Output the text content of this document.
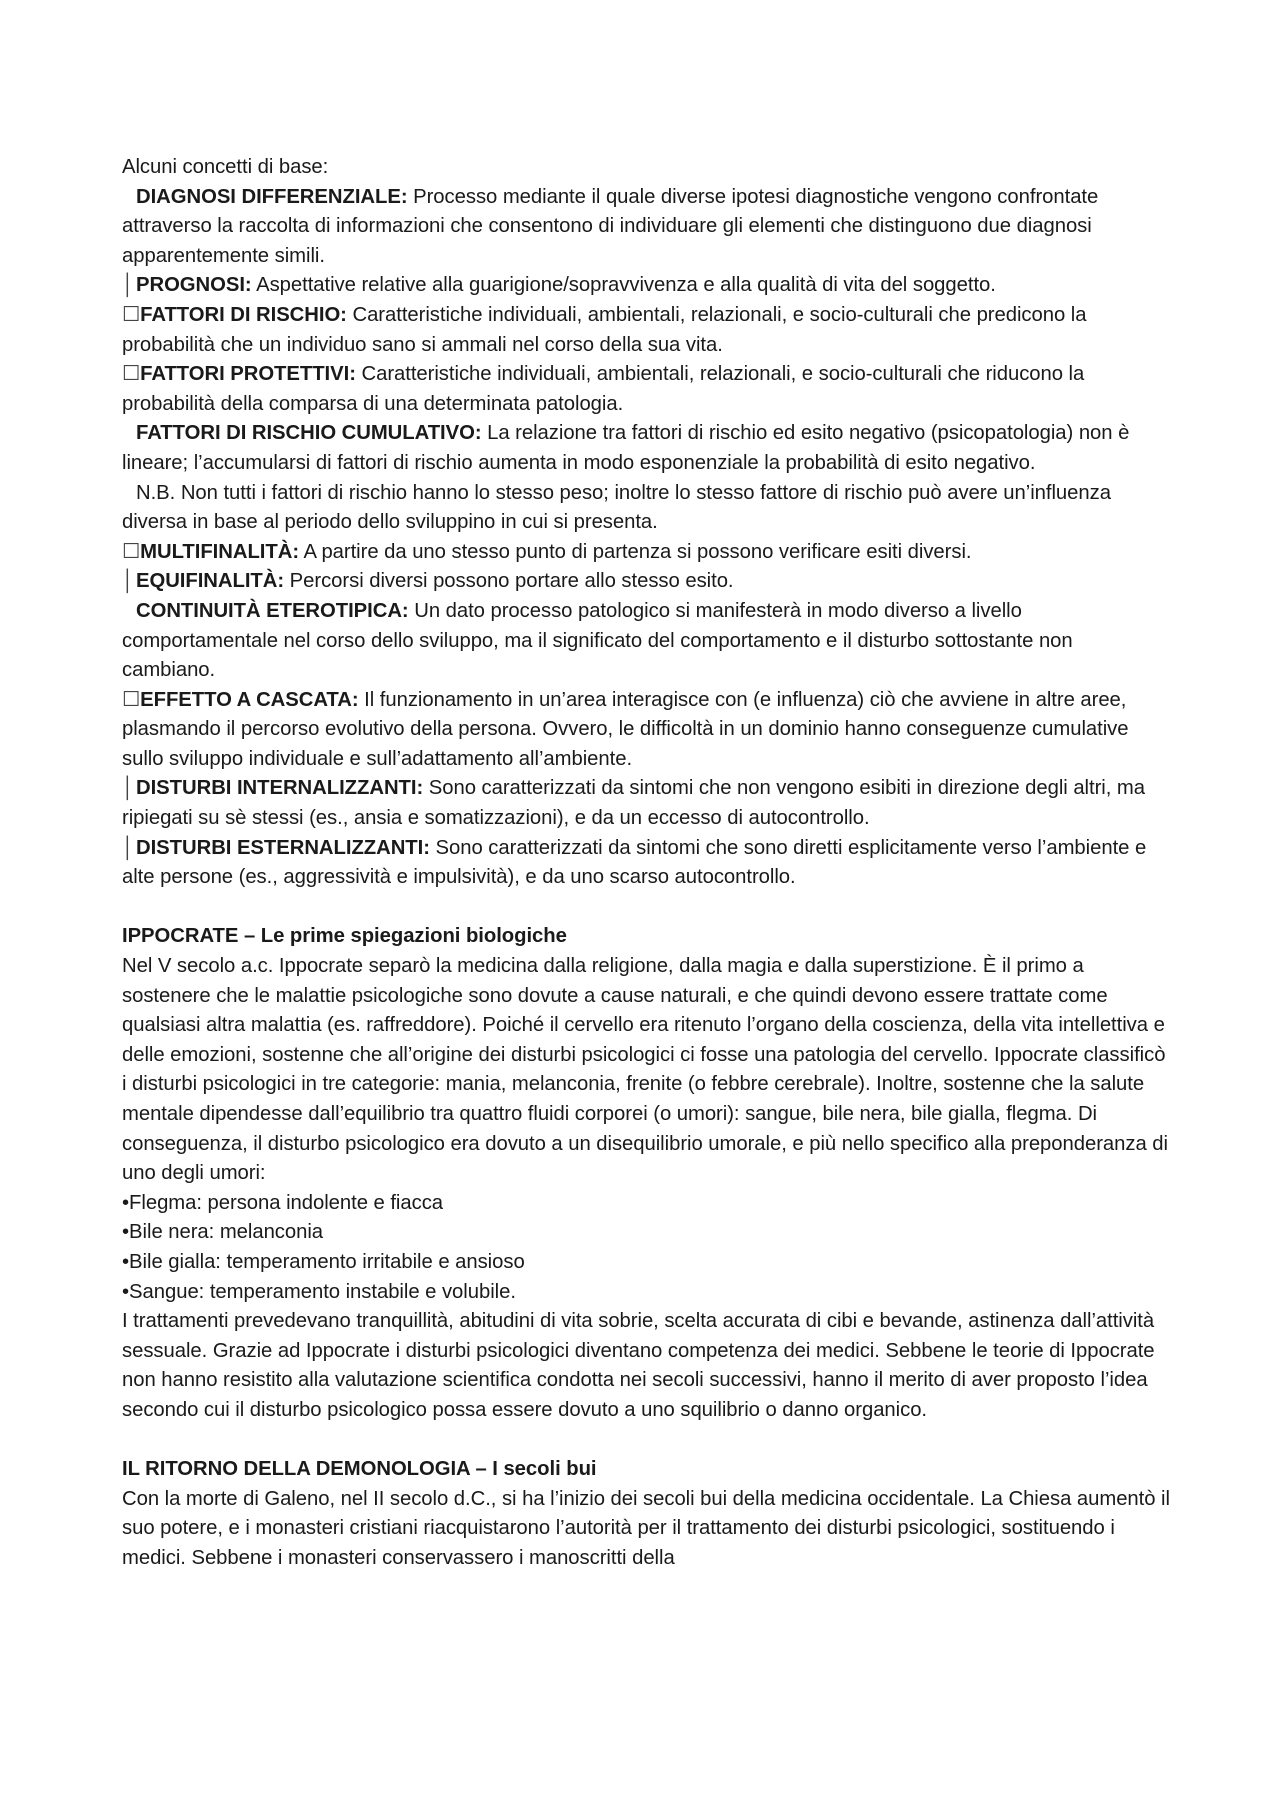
Alcuni concetti di base:

DIAGNOSI DIFFERENZIALE: Processo mediante il quale diverse ipotesi diagnostiche vengono confrontate attraverso la raccolta di informazioni che consentono di individuare gli elementi che distinguono due diagnosi apparentemente simili.

│PROGNOSI: Aspettative relative alla guarigione/sopravvivenza e alla qualità di vita del soggetto.

☐FATTORI DI RISCHIO: Caratteristiche individuali, ambientali, relazionali, e socio-culturali che predicono la probabilità che un individuo sano si ammali nel corso della sua vita.

☐FATTORI PROTETTIVI: Caratteristiche individuali, ambientali, relazionali, e socio-culturali che riducono la probabilità della comparsa di una determinata patologia.

FATTORI DI RISCHIO CUMULATIVO: La relazione tra fattori di rischio ed esito negativo (psicopatologia) non è lineare; l’accumularsi di fattori di rischio aumenta in modo esponenziale la probabilità di esito negativo.

N.B. Non tutti i fattori di rischio hanno lo stesso peso; inoltre lo stesso fattore di rischio può avere un’influenza diversa in base al periodo dello sviluppino in cui si presenta.

☐MULTIFINALITÀ: A partire da uno stesso punto di partenza si possono verificare esiti diversi.

│EQUIFINALITÀ: Percorsi diversi possono portare allo stesso esito.

CONTINUITÀ ETEROTIPICA: Un dato processo patologico si manifesterà in modo diverso a livello comportamentale nel corso dello sviluppo, ma il significato del comportamento e il disturbo sottostante non cambiano.

☐EFFETTO A CASCATA: Il funzionamento in un’area interagisce con (e influenza) ciò che avviene in altre aree, plasmando il percorso evolutivo della persona. Ovvero, le difficoltà in un dominio hanno conseguenze cumulative sullo sviluppo individuale e sull’adattamento all’ambiente.

│DISTURBI INTERNALIZZANTI: Sono caratterizzati da sintomi che non vengono esibiti in direzione degli altri, ma ripiegati su sè stessi (es., ansia e somatizzazioni), e da un eccesso di autocontrollo.

│DISTURBI ESTERNALIZZANTI: Sono caratterizzati da sintomi che sono diretti esplicitamente verso l’ambiente e alte persone (es., aggressività e impulsività), e da uno scarso autocontrollo.

IPPOCRATE – Le prime spiegazioni biologiche

Nel V secolo a.c. Ippocrate separò la medicina dalla religione, dalla magia e dalla superstizione. È il primo a sostenere che le malattie psicologiche sono dovute a cause naturali, e che quindi devono essere trattate come qualsiasi altra malattia (es. raffreddore). Poiché il cervello era ritenuto l’organo della coscienza, della vita intellettiva e delle emozioni, sostenne che all’origine dei disturbi psicologici ci fosse una patologia del cervello. Ippocrate classificò i disturbi psicologici in tre categorie: mania, melanconia, frenite (o febbre cerebrale). Inoltre, sostenne che la salute mentale dipendesse dall’equilibrio tra quattro fluidi corporei (o umori): sangue, bile nera, bile gialla, flegma. Di conseguenza, il disturbo psicologico era dovuto a un disequilibrio umorale, e più nello specifico alla preponderanza di uno degli umori:

•Flegma: persona indolente e fiacca

•Bile nera: melanconia

•Bile gialla: temperamento irritabile e ansioso

•Sangue: temperamento instabile e volubile.

I trattamenti prevedevano tranquillità, abitudini di vita sobrie, scelta accurata di cibi e bevande, astinenza dall’attività sessuale. Grazie ad Ippocrate i disturbi psicologici diventano competenza dei medici. Sebbene le teorie di Ippocrate non hanno resistito alla valutazione scientifica condotta nei secoli successivi, hanno il merito di aver proposto l’idea secondo cui il disturbo psicologico possa essere dovuto a uno squilibrio o danno organico.

IL RITORNO DELLA DEMONOLOGIA – I secoli bui

Con la morte di Galeno, nel II secolo d.C., si ha l’inizio dei secoli bui della medicina occidentale. La Chiesa aumentò il suo potere, e i monasteri cristiani riacquistarono l’autorità per il trattamento dei disturbi psicologici, sostituendo i medici. Sebbene i monasteri conservassero i manoscritti della
